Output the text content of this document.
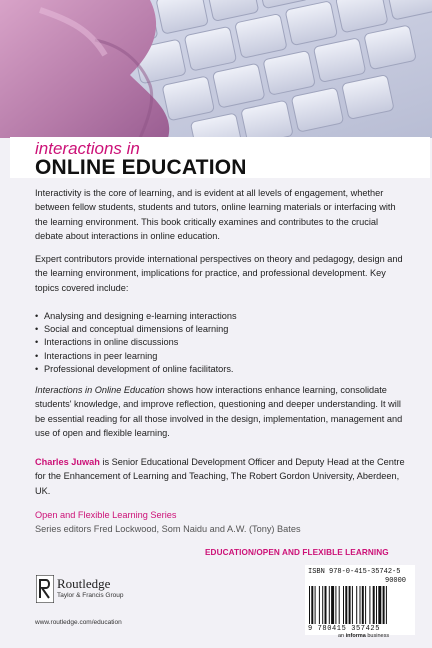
interactions in
ONLINE EDUCATION

Interactivity is the core of learning, and is evident at all levels of engagement, whether between fellow students, students and tutors, online learning materials or interfacing with the learning environment. This book critically examines and contributes to the crucial debate about interactions in online education.

Expert contributors provide international perspectives on theory and pedagogy, design and the learning environment, implications for practice, and professional development. Key topics covered include:

• Analysing and designing e-learning interactions
• Social and conceptual dimensions of learning
• Interactions in online discussions
• Interactions in peer learning
• Professional development of online facilitators.

Interactions in Online Education shows how interactions enhance learning, consolidate students' knowledge, and improve reflection, questioning and deeper understanding. It will be essential reading for all those involved in the design, implementation, management and use of open and flexible learning.

Charles Juwah is Senior Educational Development Officer and Deputy Head at the Centre for the Enhancement of Learning and Teaching, The Robert Gordon University, Aberdeen, UK.

Open and Flexible Learning Series
Series editors Fred Lockwood, Som Naidu and A.W. (Tony) Bates
EDUCATION/OPEN AND FLEXIBLE LEARNING
Routledge
Taylor & Francis Group
www.routledge.com/education
ISBN 978-0-415-35742-5
90000
9 780415 357425
an informa business
